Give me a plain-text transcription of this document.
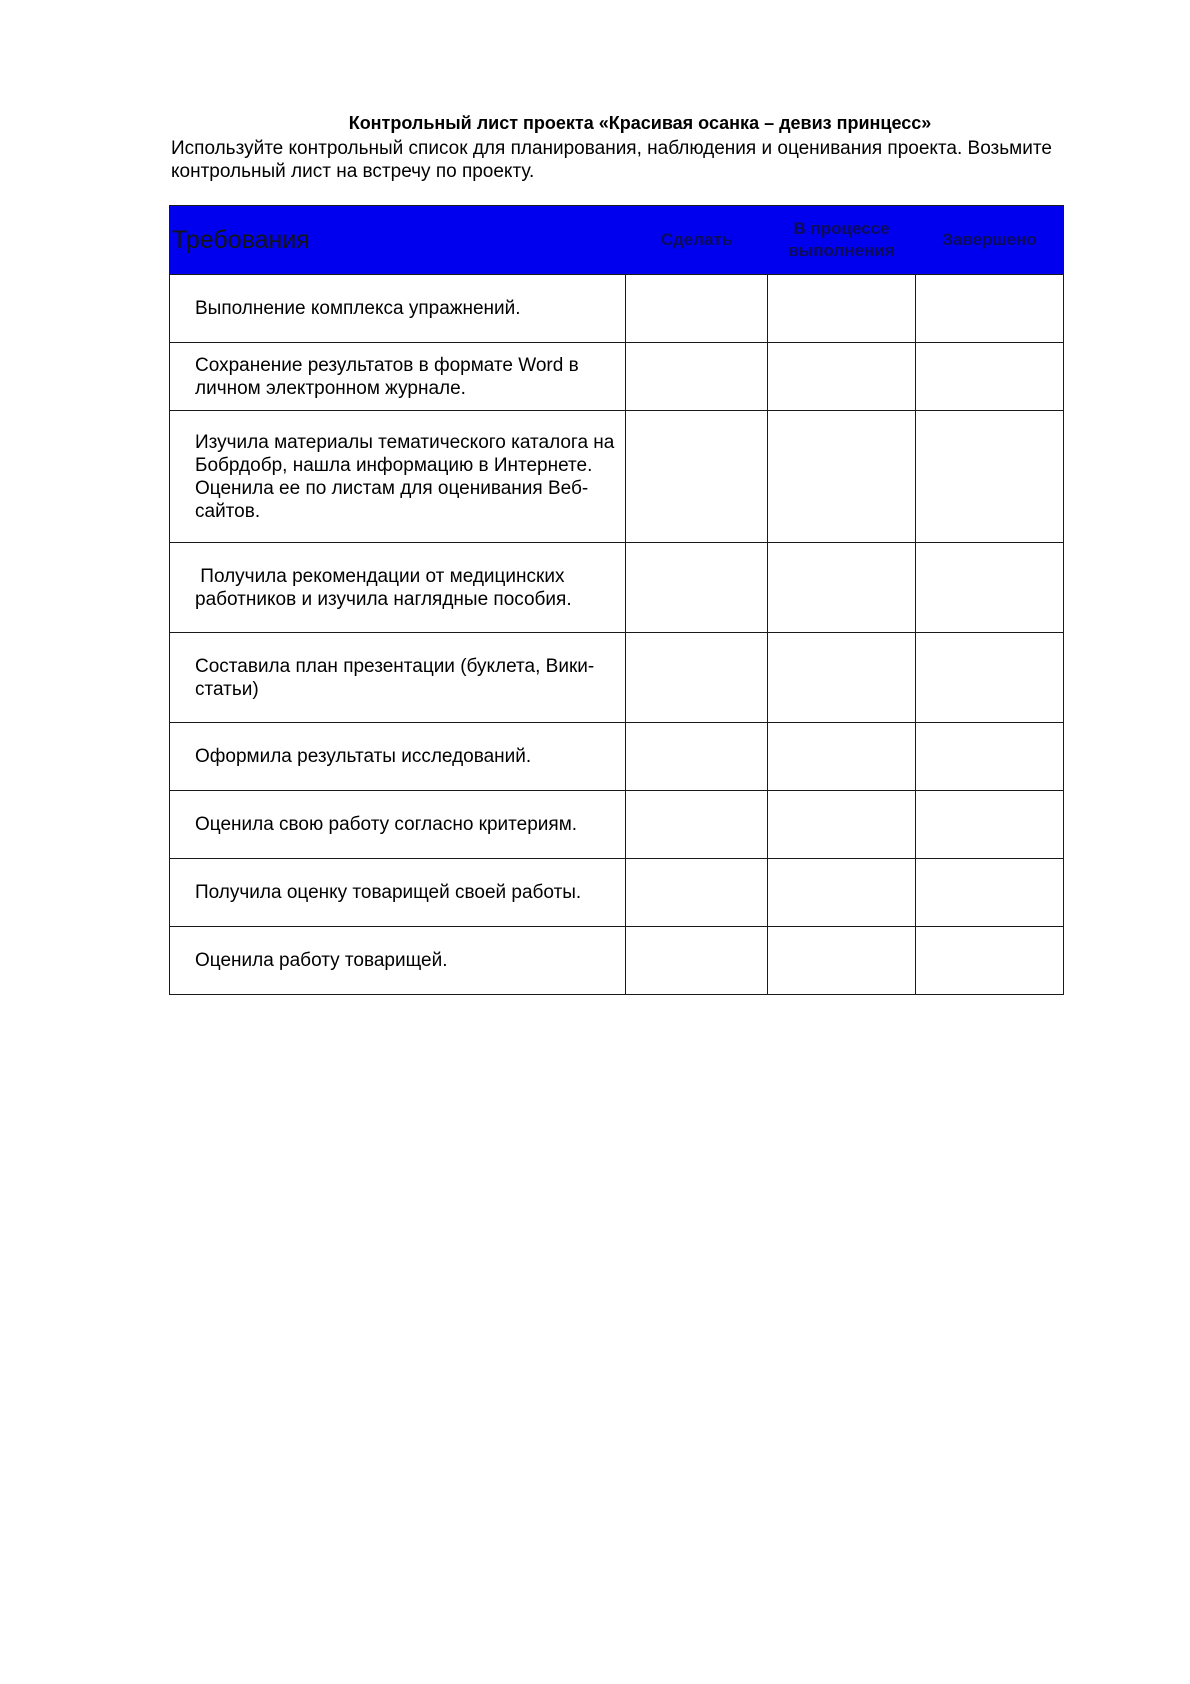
Контрольный лист проекта «Красивая осанка – девиз принцесс»
Используйте контрольный список для планирования, наблюдения и оценивания проекта. Возьмите контрольный лист на встречу по проекту.
Требования	Сделать	В процессе выполнения	Завершено
Выполнение комплекса упражнений.			
Сохранение результатов в формате Word в личном электронном журнале.			
Изучила материалы тематического каталога на Бобрдобр, нашла информацию в Интернете. Оценила ее по листам для оценивания Веб-сайтов.			
Получила рекомендации от медицинских работников и изучила наглядные пособия.			
Составила план презентации (буклета, Вики-статьи)			
Оформила результаты исследований.			
Оценила свою работу согласно критериям.			
Получила оценку товарищей своей работы.			
Оценила работу товарищей.			
